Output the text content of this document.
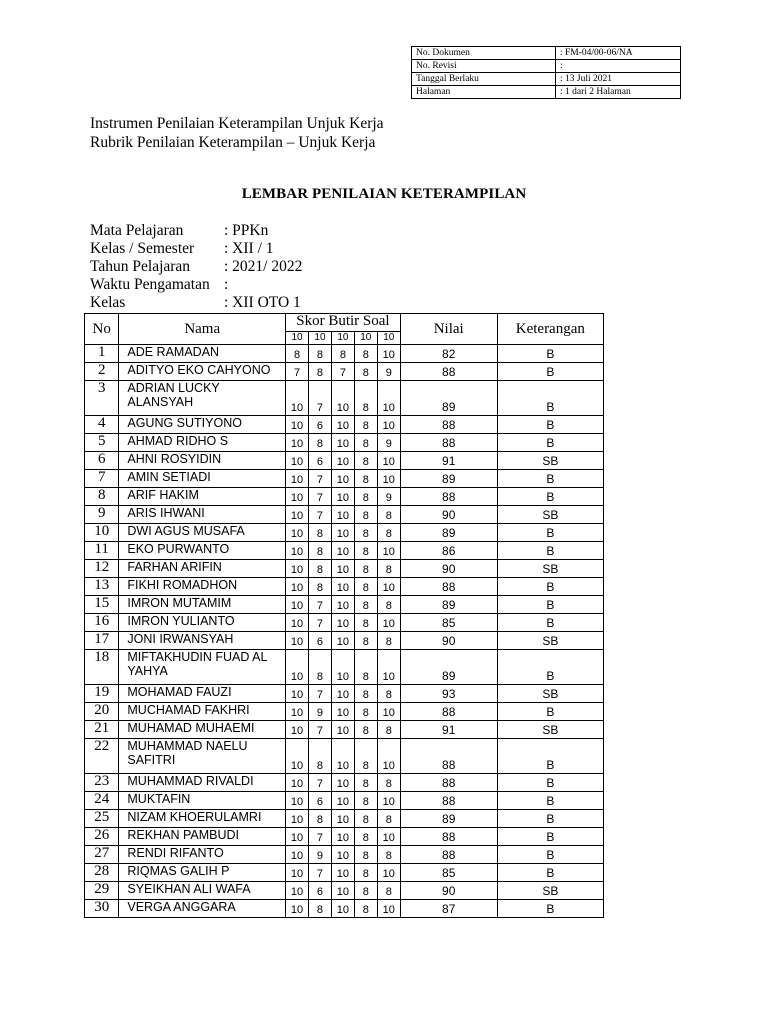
No. Dokumen	: FM-04/00-06/NA
No. Revisi	:
Tanggal Berlaku	: 13 Juli 2021
Halaman	: 1 dari 2 Halaman
Instrumen Penilaian Keterampilan Unjuk Kerja
Rubrik Penilaian Keterampilan – Unjuk Kerja
LEMBAR PENILAIAN KETERAMPILAN
Mata Pelajaran	: PPKn
Kelas / Semester : XII / 1
Tahun Pelajaran : 2021/ 2022
Waktu Pengamatan :
Kelas	: XII OTO 1
No	Nama	Skor Butir Soal					Nilai	Keterangan
		10	10	10	10	10		
1	ADE RAMADAN	8	8	8	8	10	82	B
2	ADITYO EKO CAHYONO	7	8	7	8	9	88	B
3	ADRIAN LUCKY
ALANSYAH	10	7	10	8	10	89	B
4	AGUNG SUTIYONO	10	6	10	8	10	88	B
5	AHMAD RIDHO S	10	8	10	8	9	88	B
6	AHNI ROSYIDIN	10	6	10	8	10	91	SB
7	AMIN SETIADI	10	7	10	8	10	89	B
8	ARIF HAKIM	10	7	10	8	9	88	B
9	ARIS IHWANI	10	7	10	8	8	90	SB
10	DWI AGUS MUSAFA	10	8	10	8	8	89	B
11	EKO PURWANTO	10	8	10	8	10	86	B
12	FARHAN ARIFIN	10	8	10	8	8	90	SB
13	FIKHI ROMADHON	10	8	10	8	10	88	B
15	IMRON MUTAMIM	10	7	10	8	8	89	B
16	IMRON YULIANTO	10	7	10	8	10	85	B
17	JONI IRWANSYAH	10	6	10	8	8	90	SB
18	MIFTAKHUDIN FUAD AL
YAHYA	10	8	10	8	10	89	B
19	MOHAMAD FAUZI	10	7	10	8	8	93	SB
20	MUCHAMAD FAKHRI	10	9	10	8	10	88	B
21	MUHAMAD MUHAEMI	10	7	10	8	8	91	SB
22	MUHAMMAD NAELU
SAFITRI	10	8	10	8	10	88	B
23	MUHAMMAD RIVALDI	10	7	10	8	8	88	B
24	MUKTAFIN	10	6	10	8	10	88	B
25	NIZAM KHOERULAMRI	10	8	10	8	8	89	B
26	REKHAN PAMBUDI	10	7	10	8	10	88	B
27	RENDI RIFANTO	10	9	10	8	8	88	B
28	RIQMAS GALIH P	10	7	10	8	10	85	B
29	SYEIKHAN ALI WAFA	10	6	10	8	8	90	SB
30	VERGA ANGGARA	10	8	10	8	10	87	B
